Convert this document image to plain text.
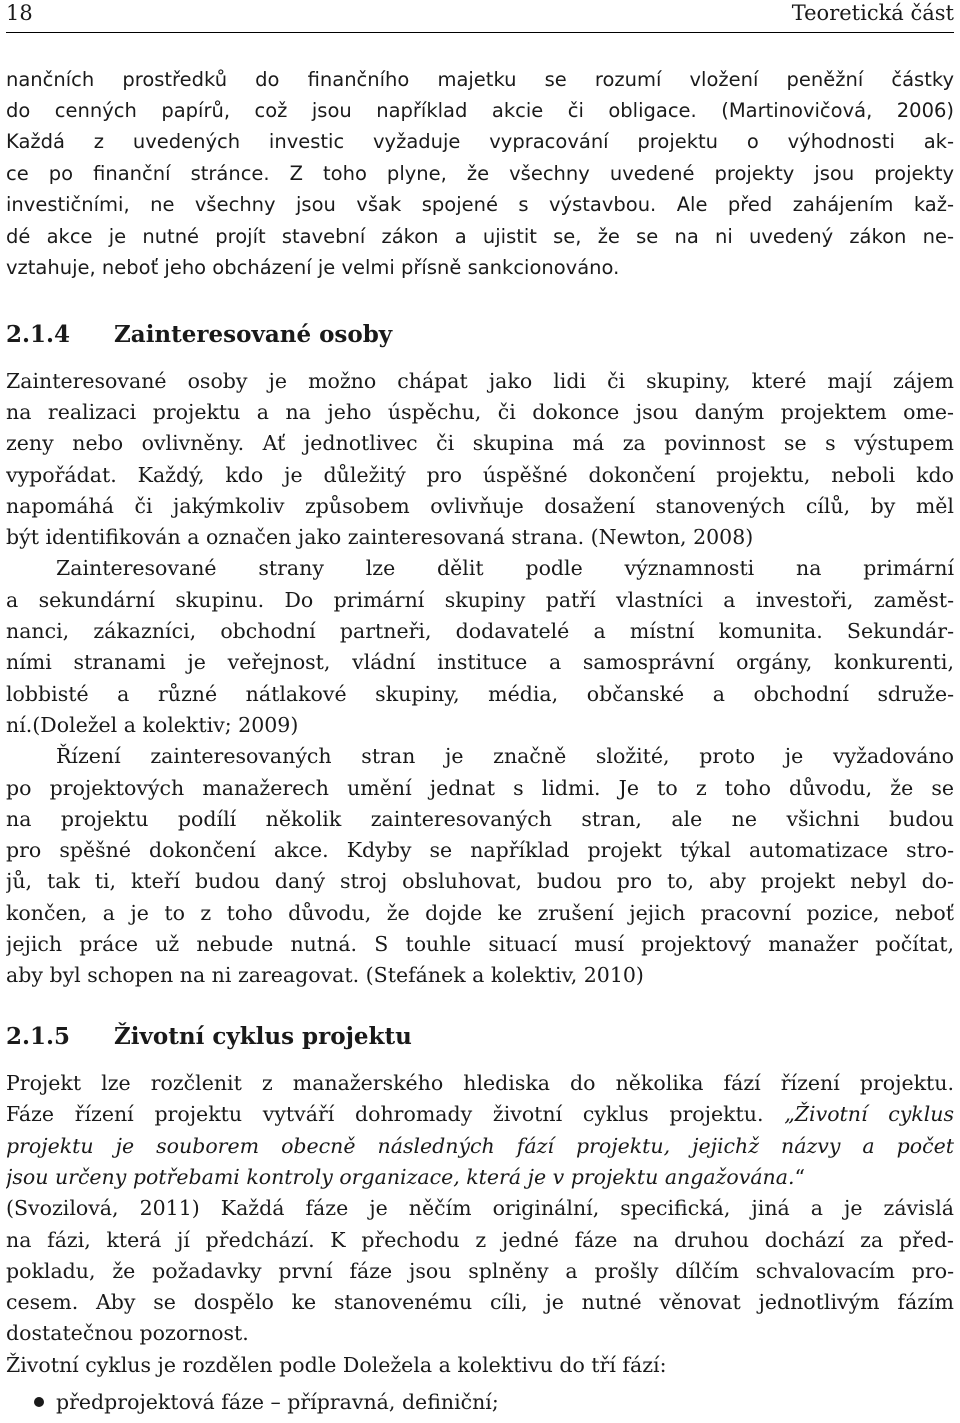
18	Teoretická část
nančních prostředků do finančního majetku se rozumí vložení peněžní částky
do cenných papírů, což jsou například akcie či obligace. (Martinovičová, 2006)
Každá z uvedených investic vyžaduje vypracování projektu o výhodnosti ak-
ce po finanční stránce. Z toho plyne, že všechny uvedené projekty jsou projekty
investičními, ne všechny jsou však spojené s výstavbou. Ale před zahájením kaž-
dé akce je nutné projít stavební zákon a ujistit se, že se na ni uvedený zákon ne-
vztahuje, neboť jeho obcházení je velmi přísně sankcionováno.
2.1.4 Zainteresované osoby
Zainteresované osoby je možno chápat jako lidi či skupiny, které mají zájem
na realizaci projektu a na jeho úspěchu, či dokonce jsou daným projektem ome-
zeny nebo ovlivněny. Ať jednotlivec či skupina má za povinnost se s výstupem
vypořádat. Každý, kdo je důležitý pro úspěšné dokončení projektu, neboli kdo
napomáhá či jakýmkoliv způsobem ovlivňuje dosažení stanovených cílů, by měl
být identifikován a označen jako zainteresovaná strana. (Newton, 2008)
Zainteresované strany lze dělit podle významnosti na primární
a sekundární skupinu. Do primární skupiny patří vlastníci a investoři, zaměst-
nanci, zákazníci, obchodní partneři, dodavatelé a místní komunita. Sekundár-
ními stranami je veřejnost, vládní instituce a samosprávní orgány, konkurenti,
lobbisté a různé nátlakové skupiny, média, občanské a obchodní sdruže-
ní.(Doležel a kolektiv; 2009)
Řízení zainteresovaných stran je značně složité, proto je vyžadováno
po projektových manažerech umění jednat s lidmi. Je to z toho důvodu, že se
na projektu podílí několik zainteresovaných stran, ale ne všichni budou
pro spěšné dokončení akce. Kdyby se například projekt týkal automatizace stro-
jů, tak ti, kteří budou daný stroj obsluhovat, budou pro to, aby projekt nebyl do-
končen, a je to z toho důvodu, že dojde ke zrušení jejich pracovní pozice, neboť
jejich práce už nebude nutná. S touhle situací musí projektový manažer počítat,
aby byl schopen na ni zareagovat. (Stefánek a kolektiv, 2010)
2.1.5 Životní cyklus projektu
Projekt lze rozčlenit z manažerského hlediska do několika fází řízení projektu.
Fáze řízení projektu vytváří dohromady životní cyklus projektu. „Životní cyklus
projektu je souborem obecně následných fází projektu, jejichž názvy a počet
jsou určeny potřebami kontroly organizace, která je v projektu angažována.“
(Svozilová, 2011) Každá fáze je něčím originální, specifická, jiná a je závislá
na fázi, která jí předchází. K přechodu z jedné fáze na druhou dochází za před-
pokladu, že požadavky první fáze jsou splněny a prošly dílčím schvalovacím pro-
cesem. Aby se dospělo ke stanovenému cíli, je nutné věnovat jednotlivým fázím
dostatečnou pozornost.
Životní cyklus je rozdělen podle Doležela a kolektivu do tří fází:
předprojektová fáze – přípravná, definiční;
